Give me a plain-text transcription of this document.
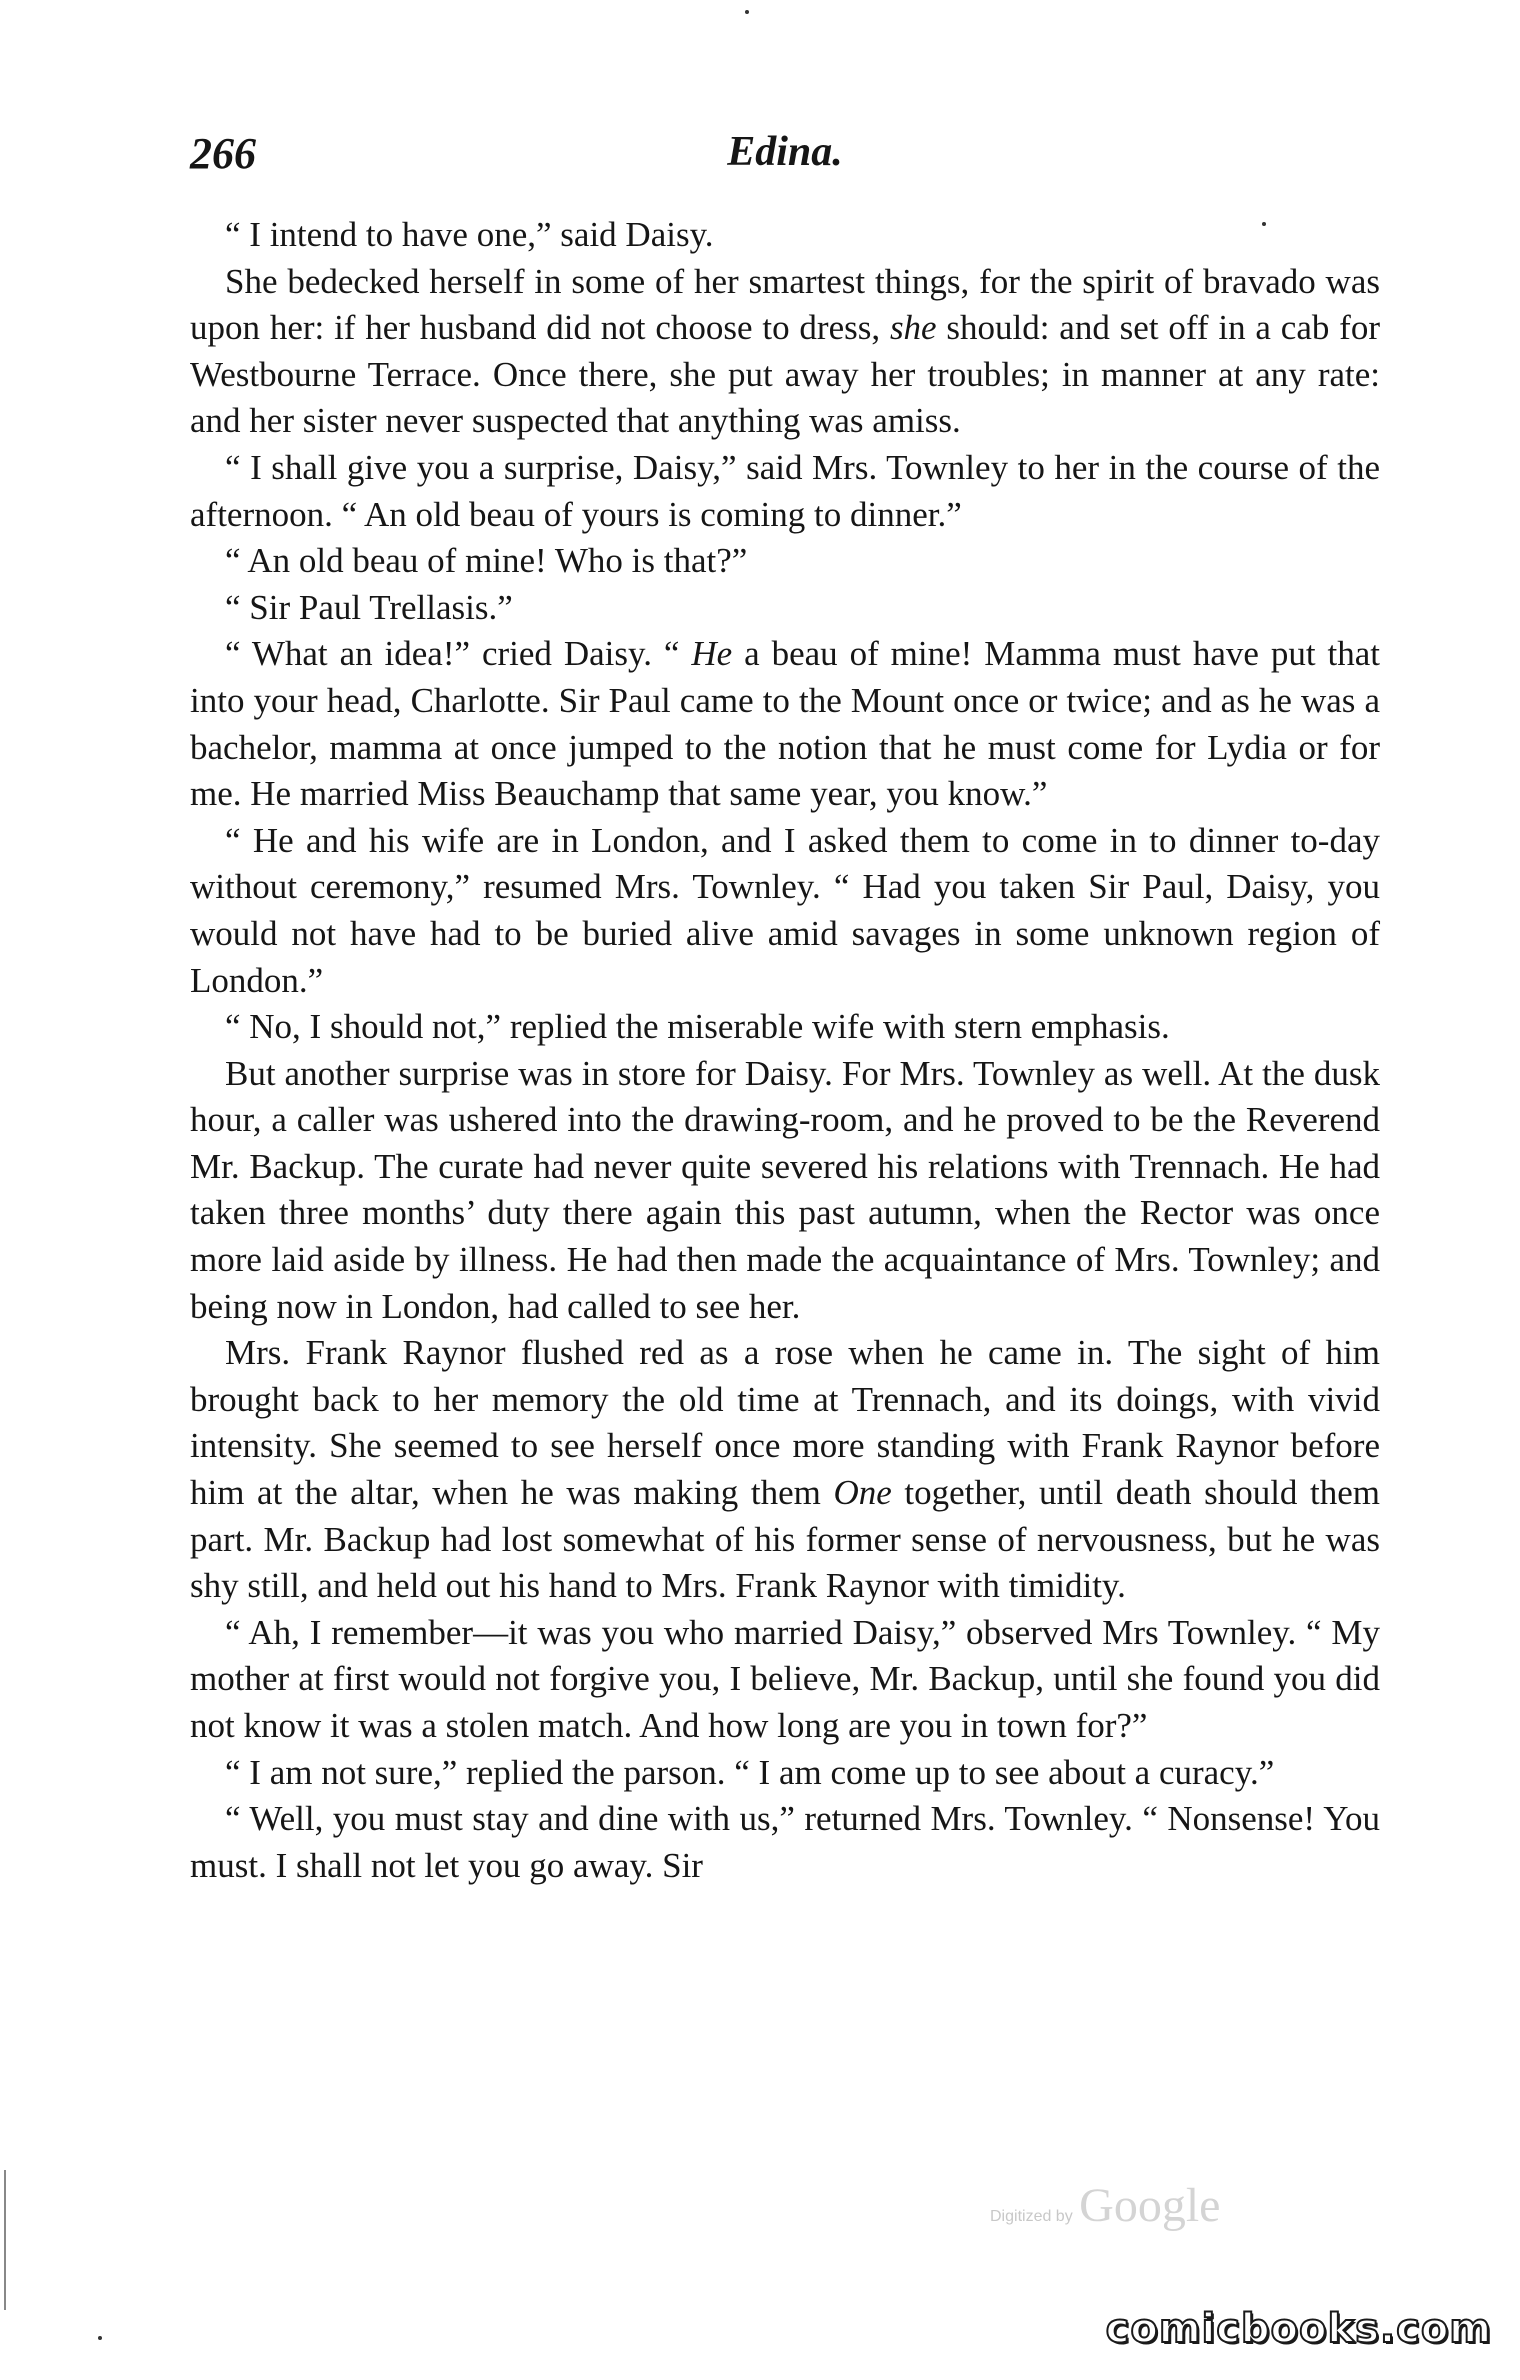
266	Edina.

“ I intend to have one,” said Daisy.

She bedecked herself in some of her smartest things, for the spirit of bravado was upon her: if her husband did not choose to dress, she should: and set off in a cab for Westbourne Terrace. Once there, she put away her troubles; in manner at any rate: and her sister never suspected that anything was amiss.

“ I shall give you a surprise, Daisy,” said Mrs. Townley to her in the course of the afternoon. “ An old beau of yours is coming to dinner.”

“ An old beau of mine! Who is that?”

“ Sir Paul Trellasis.”

“ What an idea!” cried Daisy. “ He a beau of mine! Mamma must have put that into your head, Charlotte. Sir Paul came to the Mount once or twice; and as he was a bachelor, mamma at once jumped to the notion that he must come for Lydia or for me. He married Miss Beauchamp that same year, you know.”

“ He and his wife are in London, and I asked them to come in to dinner to-day without ceremony,” resumed Mrs. Townley. “ Had you taken Sir Paul, Daisy, you would not have had to be buried alive amid savages in some unknown region of London.”

“ No, I should not,” replied the miserable wife with stern emphasis.

But another surprise was in store for Daisy. For Mrs. Townley as well. At the dusk hour, a caller was ushered into the drawing-room, and he proved to be the Reverend Mr. Backup. The curate had never quite severed his relations with Trennach. He had taken three months’ duty there again this past autumn, when the Rector was once more laid aside by illness. He had then made the acquaintance of Mrs. Townley; and being now in London, had called to see her.

Mrs. Frank Raynor flushed red as a rose when he came in. The sight of him brought back to her memory the old time at Trennach, and its doings, with vivid intensity. She seemed to see herself once more standing with Frank Raynor before him at the altar, when he was making them One together, until death should them part. Mr. Backup had lost somewhat of his former sense of nervousness, but he was shy still, and held out his hand to Mrs. Frank Raynor with timidity.

“ Ah, I remember—it was you who married Daisy,” observed Mrs Townley. “ My mother at first would not forgive you, I believe, Mr. Backup, until she found you did not know it was a stolen match. And how long are you in town for?”

“ I am not sure,” replied the parson. “ I am come up to see about a curacy.”

“ Well, you must stay and dine with us,” returned Mrs. Townley. “ Nonsense! You must. I shall not let you go away. Sir

Digitized by Google
comicbooks.com
